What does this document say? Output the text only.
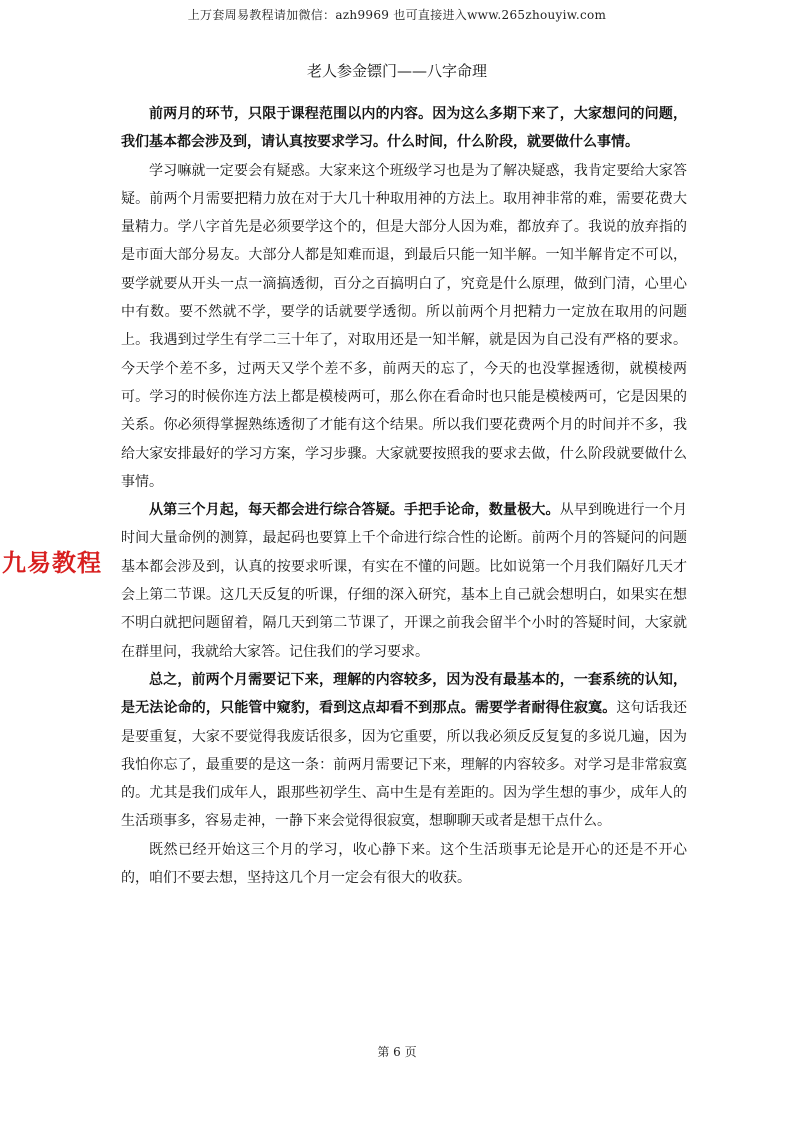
上万套周易教程请加微信：azh9969 也可直接进入www.265zhouyiw.com
老人参金镖门——八字命理

前两月的环节，只限于课程范围以内的内容。因为这么多期下来了，大家想问的问题，我们基本都会涉及到，请认真按要求学习。什么时间，什么阶段，就要做什么事情。

学习嘛就一定要会有疑惑。大家来这个班级学习也是为了解决疑惑，我肯定要给大家答疑。前两个月需要把精力放在对于大几十种取用神的方法上。取用神非常的难，需要花费大量精力。学八字首先是必须要学这个的，但是大部分人因为难，都放弃了。我说的放弃指的是市面大部分易友。大部分人都是知难而退，到最后只能一知半解。一知半解肯定不可以，要学就要从开头一点一滴搞透彻，百分之百搞明白了，究竟是什么原理，做到门清，心里心中有数。要不然就不学，要学的话就要学透彻。所以前两个月把精力一定放在取用的问题上。我遇到过学生有学二三十年了，对取用还是一知半解，就是因为自己没有严格的要求。今天学个差不多，过两天又学个差不多，前两天的忘了，今天的也没掌握透彻，就模棱两可。学习的时候你连方法上都是模棱两可，那么你在看命时也只能是模棱两可，它是因果的关系。你必须得掌握熟练透彻了才能有这个结果。所以我们要花费两个月的时间并不多，我给大家安排最好的学习方案，学习步骤。大家就要按照我的要求去做，什么阶段就要做什么事情。

从第三个月起，每天都会进行综合答疑。手把手论命，数量极大。从早到晚进行一个月时间大量命例的测算，最起码也要算上千个命进行综合性的论断。前两个月的答疑问的问题基本都会涉及到，认真的按要求听课，有实在不懂的问题。比如说第一个月我们隔好几天才会上第二节课。这几天反复的听课，仔细的深入研究，基本上自己就会想明白，如果实在想不明白就把问题留着，隔几天到第二节课了，开课之前我会留半个小时的答疑时间，大家就在群里问，我就给大家答。记住我们的学习要求。

总之，前两个月需要记下来，理解的内容较多，因为没有最基本的，一套系统的认知，是无法论命的，只能管中窥豹，看到这点却看不到那点。需要学者耐得住寂寞。这句话我还是要重复，大家不要觉得我废话很多，因为它重要，所以我必须反反复复的多说几遍，因为我怕你忘了，最重要的是这一条：前两月需要记下来，理解的内容较多。对学习是非常寂寞的。尤其是我们成年人，跟那些初学生、高中生是有差距的。因为学生想的事少，成年人的生活琐事多，容易走神，一静下来会觉得很寂寞，想聊聊天或者是想干点什么。

既然已经开始这三个月的学习，收心静下来。这个生活琐事无论是开心的还是不开心的，咱们不要去想，坚持这几个月一定会有很大的收获。

九易教程
第 6 页
